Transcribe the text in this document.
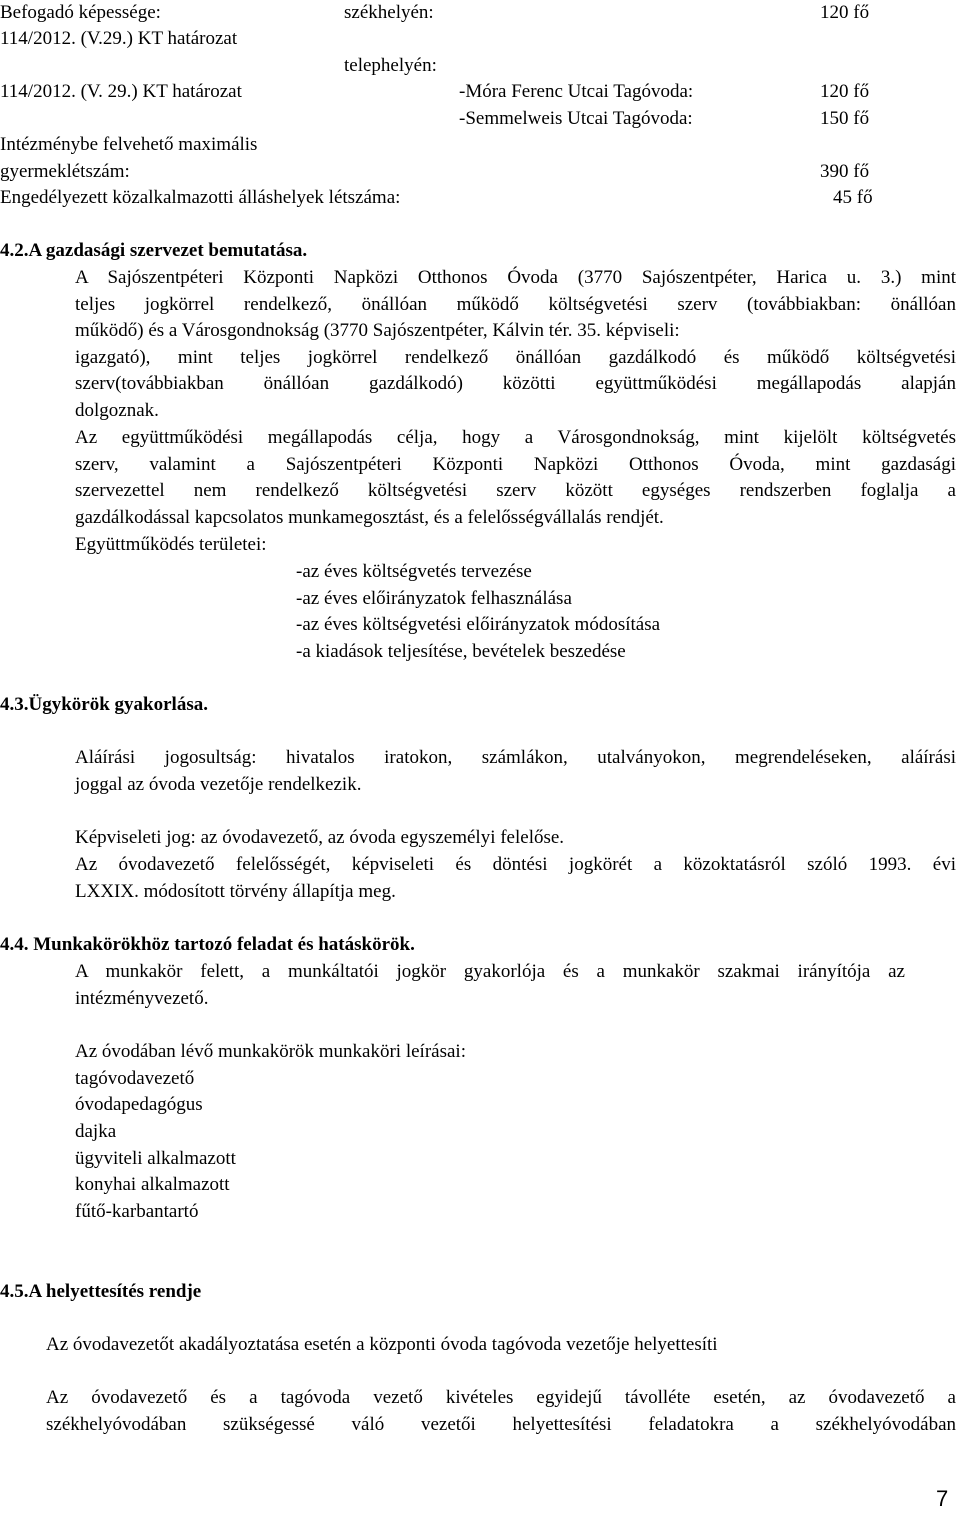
Befogadó képessége:	székhelyén:	120 fő
114/2012. (V.29.) KT határozat
telephelyén:
114/2012. (V. 29.) KT határozat	-Móra Ferenc Utcai Tagóvoda:	120 fő
-Semmelweis Utcai Tagóvoda:	150 fő
Intézménybe felvehető maximális
gyermeklétszám:	390 fő
Engedélyezett közalkalmazotti álláshelyek létszáma:	45 fő
4.2.A gazdasági szervezet bemutatása.
A Sajószentpéteri Központi Napközi Otthonos Óvoda (3770 Sajószentpéter, Harica u. 3.) mint
teljes jogkörrel rendelkező, önállóan működő költségvetési szerv (továbbiakban: önállóan
működő) és a Városgondnokság (3770 Sajószentpéter, Kálvin tér. 35. képviseli:
igazgató), mint teljes jogkörrel rendelkező önállóan gazdálkodó és működő költségvetési
szerv(továbbiakban önállóan gazdálkodó) közötti együttműködési megállapodás alapján
dolgoznak.
Az együttműködési megállapodás célja, hogy a Városgondnokság, mint kijelölt költségvetés
szerv, valamint a Sajószentpéteri Központi Napközi Otthonos Óvoda, mint gazdasági
szervezettel nem rendelkező költségvetési szerv között egységes rendszerben foglalja a
gazdálkodással kapcsolatos munkamegosztást, és a felelősségvállalás rendjét.
Együttműködés területei:
-az éves költségvetés tervezése
-az éves előirányzatok felhasználása
-az éves költségvetési előirányzatok módosítása
-a kiadások teljesítése, bevételek beszedése
4.3.Ügykörök gyakorlása.
Aláírási jogosultság: hivatalos iratokon, számlákon, utalványokon, megrendeléseken, aláírási
joggal az óvoda vezetője rendelkezik.
Képviseleti jog: az óvodavezető, az óvoda egyszemélyi felelőse.
Az óvodavezető felelősségét, képviseleti és döntési jogkörét a közoktatásról szóló 1993. évi
LXXIX. módosított törvény állapítja meg.
4.4. Munkakörökhöz tartozó feladat és hatáskörök.
A munkakör felett, a munkáltatói jogkör gyakorlója és a munkakör szakmai irányítója az
intézményvezető.
Az óvodában lévő munkakörök munkaköri leírásai:
tagóvodavezető
óvodapedagógus
dajka
ügyviteli alkalmazott
konyhai alkalmazott
fűtő-karbantartó
4.5.A helyettesítés rendje
Az óvodavezetőt akadályoztatása esetén a központi óvoda tagóvoda vezetője helyettesíti
Az óvodavezető és a tagóvoda vezető kivételes egyidejű távolléte esetén, az óvodavezető a
székhelyóvodában szükségessé váló vezetői helyettesítési feladatokra a székhelyóvodában
7
